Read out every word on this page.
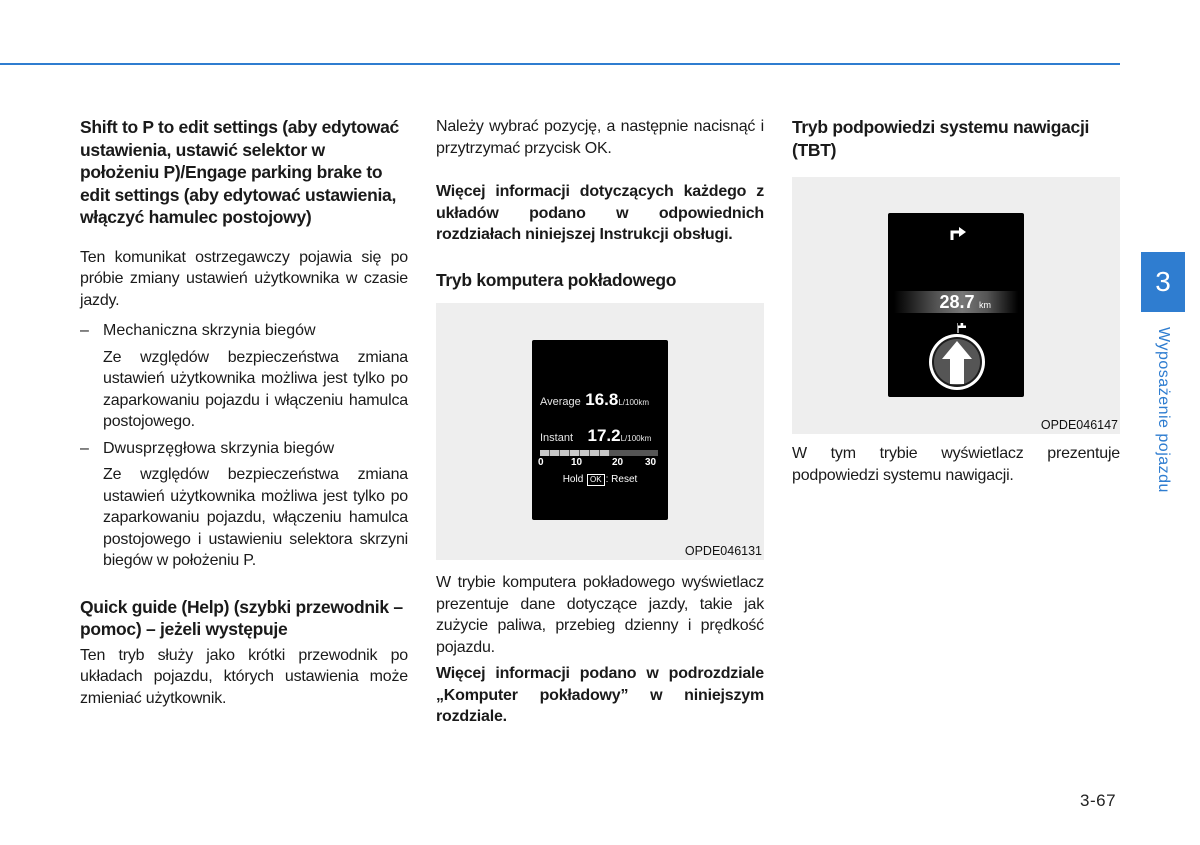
Shift to P to edit settings (aby edytować ustawienia, ustawić selektor w położeniu P)/Engage parking brake to edit settings (aby edytować ustawienia, włączyć hamulec postojowy)

Ten komunikat ostrzegawczy pojawia się po próbie zmiany ustawień użytkownika w czasie jazdy.

– Mechaniczna skrzynia biegów

Ze względów bezpieczeństwa zmiana ustawień użytkownika możliwa jest tylko po zaparkowaniu pojazdu i włączeniu hamulca postojowego.

– Dwusprzęgłowa skrzynia biegów

Ze względów bezpieczeństwa zmiana ustawień użytkownika możliwa jest tylko po zaparkowaniu pojazdu, włączeniu hamulca postojowego i ustawieniu selektora skrzyni biegów w położeniu P.

Quick guide (Help) (szybki przewodnik – pomoc) – jeżeli występuje

Ten tryb służy jako krótki przewodnik po układach pojazdu, których ustawienia może zmieniać użytkownik.

Należy wybrać pozycję, a następnie nacisnąć i przytrzymać przycisk OK.

Więcej informacji dotyczących każdego z układów podano w odpowiednich rozdziałach niniejszej Instrukcji obsługi.

Tryb komputera pokładowego
Average 16.8L/100km
Instant 17.2L/100km
0	10	20 30
Hold OK : Reset
OPDE046131

W trybie komputera pokładowego wyświetlacz prezentuje dane dotyczące jazdy, takie jak zużycie paliwa, przebieg dzienny i prędkość pojazdu.

Więcej informacji podano w podrozdziale „Komputer pokładowy” w niniejszym rozdziale.

Tryb podpowiedzi systemu nawigacji (TBT)
28.7 km
OPDE046147

W tym trybie wyświetlacz prezentuje podpowiedzi systemu nawigacji.

3
Wyposażenie pojazdu
3-67
